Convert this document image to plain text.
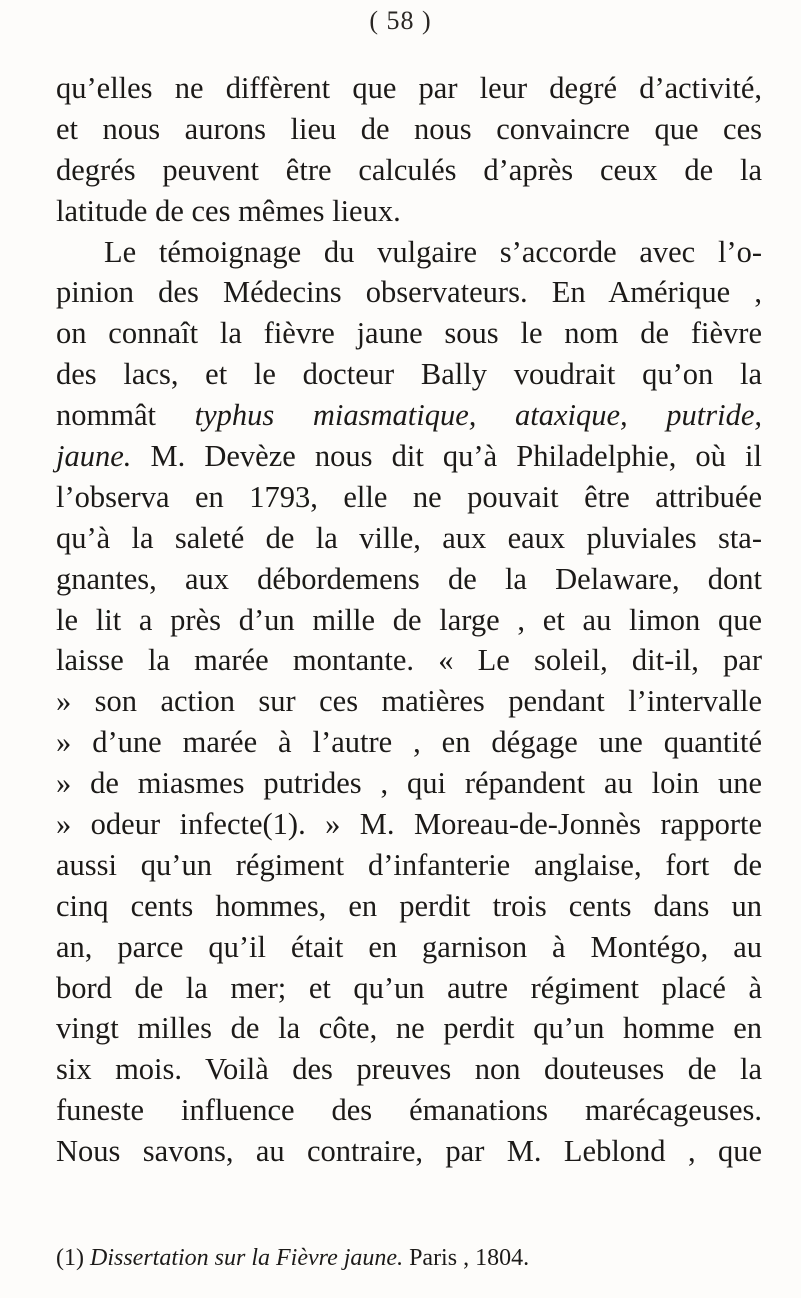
( 58 )
qu’elles ne diffèrent que par leur degré d’activité,
et nous aurons lieu de nous convaincre que ces
degrés peuvent être calculés d’après ceux de la
latitude de ces mêmes lieux.
Le témoignage du vulgaire s’accorde avec l’o-
pinion des Médecins observateurs. En Amérique ,
on connaît la fièvre jaune sous le nom de fièvre
des lacs, et le docteur Bally voudrait qu’on la
nommât typhus miasmatique, ataxique, putride,
jaune. M. Devèze nous dit qu’à Philadelphie, où il
l’observa en 1793, elle ne pouvait être attribuée
qu’à la saleté de la ville, aux eaux pluviales sta-
gnantes, aux débordemens de la Delaware, dont
le lit a près d’un mille de large , et au limon que
laisse la marée montante. « Le soleil, dit-il, par
» son action sur ces matières pendant l’intervalle
» d’une marée à l’autre , en dégage une quantité
» de miasmes putrides , qui répandent au loin une
» odeur infecte(1). » M. Moreau-de-Jonnès rapporte
aussi qu’un régiment d’infanterie anglaise, fort de
cinq cents hommes, en perdit trois cents dans un
an, parce qu’il était en garnison à Montégo, au
bord de la mer; et qu’un autre régiment placé à
vingt milles de la côte, ne perdit qu’un homme en
six mois. Voilà des preuves non douteuses de la
funeste influence des émanations marécageuses.
Nous savons, au contraire, par M. Leblond , que
(1) Dissertation sur la Fièvre jaune. Paris , 1804.
